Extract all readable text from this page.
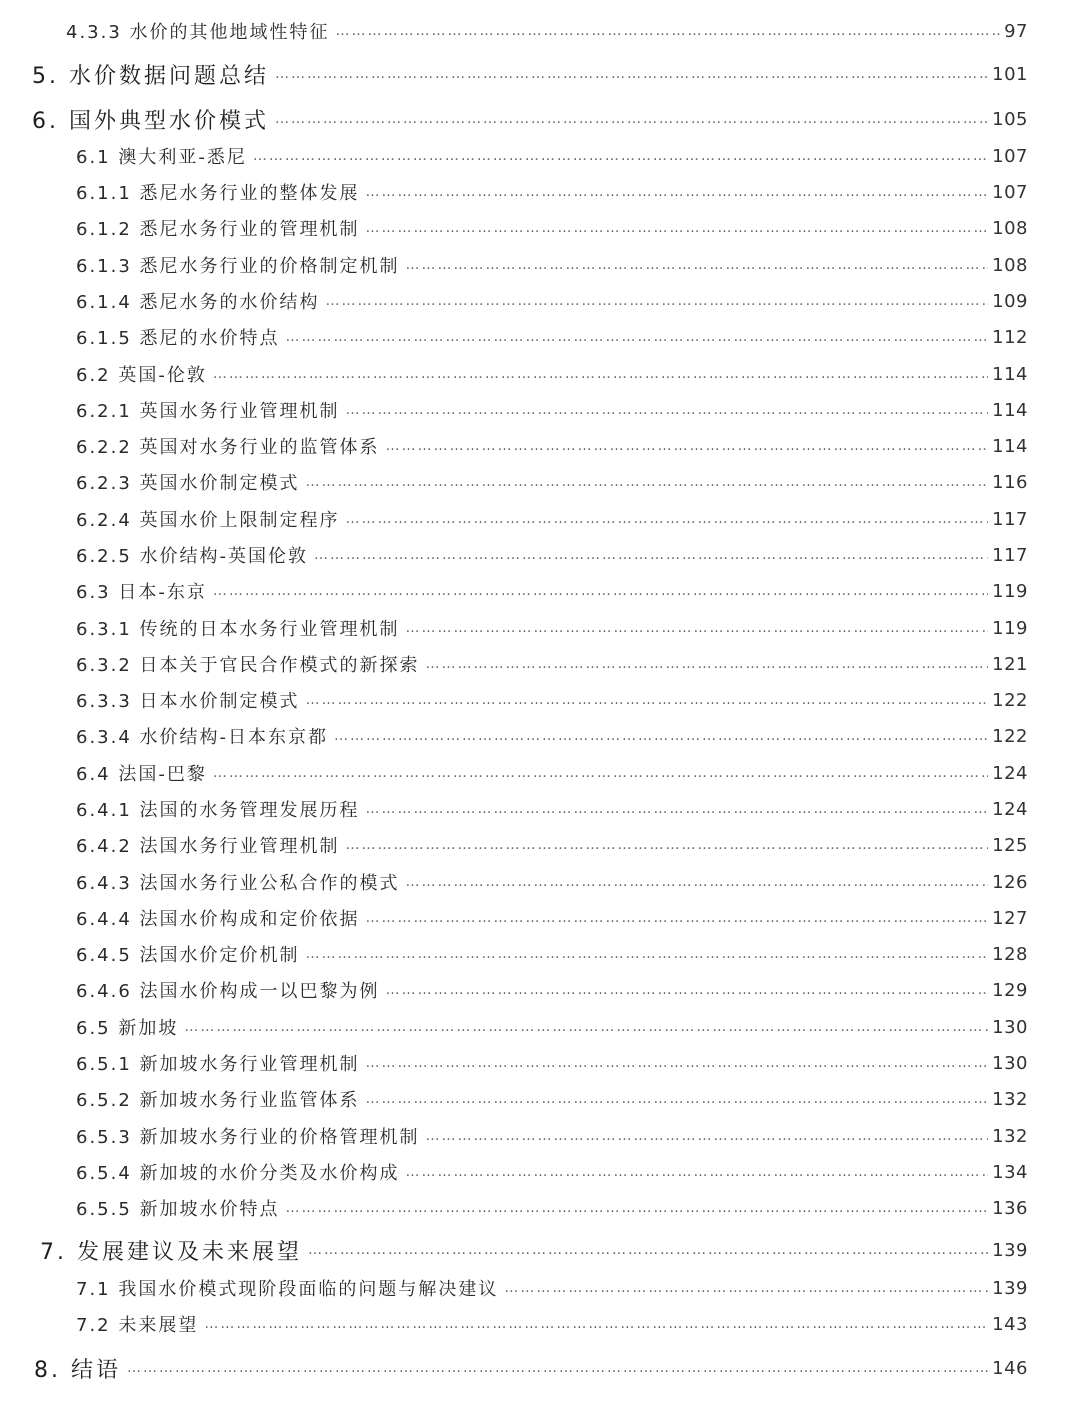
4.3.3 水价的其他地域性特征 …………………………………………………………………………………………………………………………………………………………………………………………………………………………………………	97
5. 水价数据问题总结 …………………………………………………………………………………………………………………………………………………………………………………………………………………………………………	101
6. 国外典型水价模式 …………………………………………………………………………………………………………………………………………………………………………………………………………………………………………	105
6.1 澳大利亚-悉尼 …………………………………………………………………………………………………………………………………………………………………………………………………………………………………………	107
6.1.1 悉尼水务行业的整体发展 …………………………………………………………………………………………………………………………………………………………………………………………………………………………………………	107
6.1.2 悉尼水务行业的管理机制 …………………………………………………………………………………………………………………………………………………………………………………………………………………………………………	108
6.1.3 悉尼水务行业的价格制定机制 …………………………………………………………………………………………………………………………………………………………………………………………………………………………………………	108
6.1.4 悉尼水务的水价结构 …………………………………………………………………………………………………………………………………………………………………………………………………………………………………………	109
6.1.5 悉尼的水价特点 …………………………………………………………………………………………………………………………………………………………………………………………………………………………………………	112
6.2 英国-伦敦 …………………………………………………………………………………………………………………………………………………………………………………………………………………………………………	114
6.2.1 英国水务行业管理机制 …………………………………………………………………………………………………………………………………………………………………………………………………………………………………………	114
6.2.2 英国对水务行业的监管体系 …………………………………………………………………………………………………………………………………………………………………………………………………………………………………………	114
6.2.3 英国水价制定模式 …………………………………………………………………………………………………………………………………………………………………………………………………………………………………………	116
6.2.4 英国水价上限制定程序 …………………………………………………………………………………………………………………………………………………………………………………………………………………………………………	117
6.2.5 水价结构-英国伦敦 …………………………………………………………………………………………………………………………………………………………………………………………………………………………………………	117
6.3 日本-东京 …………………………………………………………………………………………………………………………………………………………………………………………………………………………………………	119
6.3.1 传统的日本水务行业管理机制 …………………………………………………………………………………………………………………………………………………………………………………………………………………………………………	119
6.3.2 日本关于官民合作模式的新探索 …………………………………………………………………………………………………………………………………………………………………………………………………………………………………………	121
6.3.3 日本水价制定模式 …………………………………………………………………………………………………………………………………………………………………………………………………………………………………………	122
6.3.4 水价结构-日本东京都 …………………………………………………………………………………………………………………………………………………………………………………………………………………………………………	122
6.4 法国-巴黎 …………………………………………………………………………………………………………………………………………………………………………………………………………………………………………	124
6.4.1 法国的水务管理发展历程 …………………………………………………………………………………………………………………………………………………………………………………………………………………………………………	124
6.4.2 法国水务行业管理机制 …………………………………………………………………………………………………………………………………………………………………………………………………………………………………………	125
6.4.3 法国水务行业公私合作的模式 …………………………………………………………………………………………………………………………………………………………………………………………………………………………………………	126
6.4.4 法国水价构成和定价依据 …………………………………………………………………………………………………………………………………………………………………………………………………………………………………………	127
6.4.5 法国水价定价机制 …………………………………………………………………………………………………………………………………………………………………………………………………………………………………………	128
6.4.6 法国水价构成一以巴黎为例 …………………………………………………………………………………………………………………………………………………………………………………………………………………………………………	129
6.5 新加坡 …………………………………………………………………………………………………………………………………………………………………………………………………………………………………………	130
6.5.1 新加坡水务行业管理机制 …………………………………………………………………………………………………………………………………………………………………………………………………………………………………………	130
6.5.2 新加坡水务行业监管体系 …………………………………………………………………………………………………………………………………………………………………………………………………………………………………………	132
6.5.3 新加坡水务行业的价格管理机制 …………………………………………………………………………………………………………………………………………………………………………………………………………………………………………	132
6.5.4 新加坡的水价分类及水价构成 …………………………………………………………………………………………………………………………………………………………………………………………………………………………………………	134
6.5.5 新加坡水价特点 …………………………………………………………………………………………………………………………………………………………………………………………………………………………………………	136
7. 发展建议及未来展望 …………………………………………………………………………………………………………………………………………………………………………………………………………………………………………	139
7.1 我国水价模式现阶段面临的问题与解决建议 …………………………………………………………………………………………………………………………………………………………………………………………………………………………………………	139
7.2 未来展望 …………………………………………………………………………………………………………………………………………………………………………………………………………………………………………	143
8. 结语 …………………………………………………………………………………………………………………………………………………………………………………………………………………………………………	146
